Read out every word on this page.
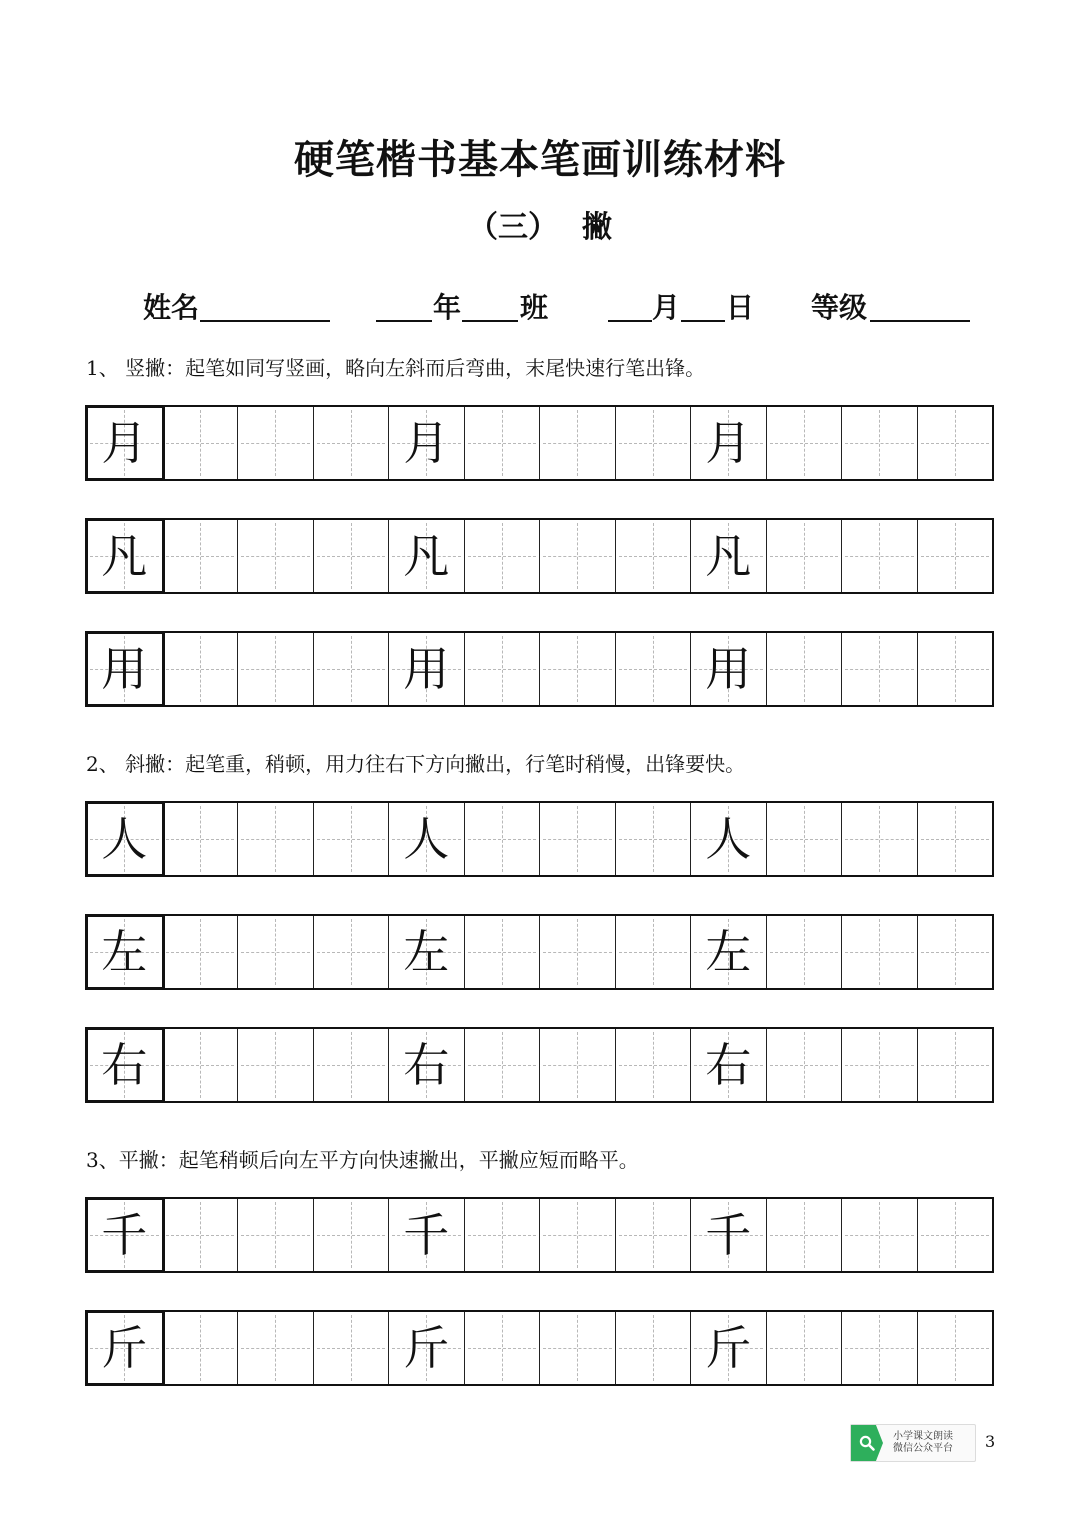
硬笔楷书基本笔画训练材料
（三） 撇
姓名	年 班	月 日 等级
1、 竖撇：起笔如同写竖画，略向左斜而后弯曲，末尾快速行笔出锋。
月	月	月
凡	凡	凡
用	用	用
2、 斜撇：起笔重，稍顿，用力往右下方向撇出，行笔时稍慢，出锋要快。
人	人	人
左	左	左
右	右	右
3、平撇：起笔稍顿后向左平方向快速撇出，平撇应短而略平。
千	千	千
斤	斤	斤
小学课文朗读
微信公众平台 3
